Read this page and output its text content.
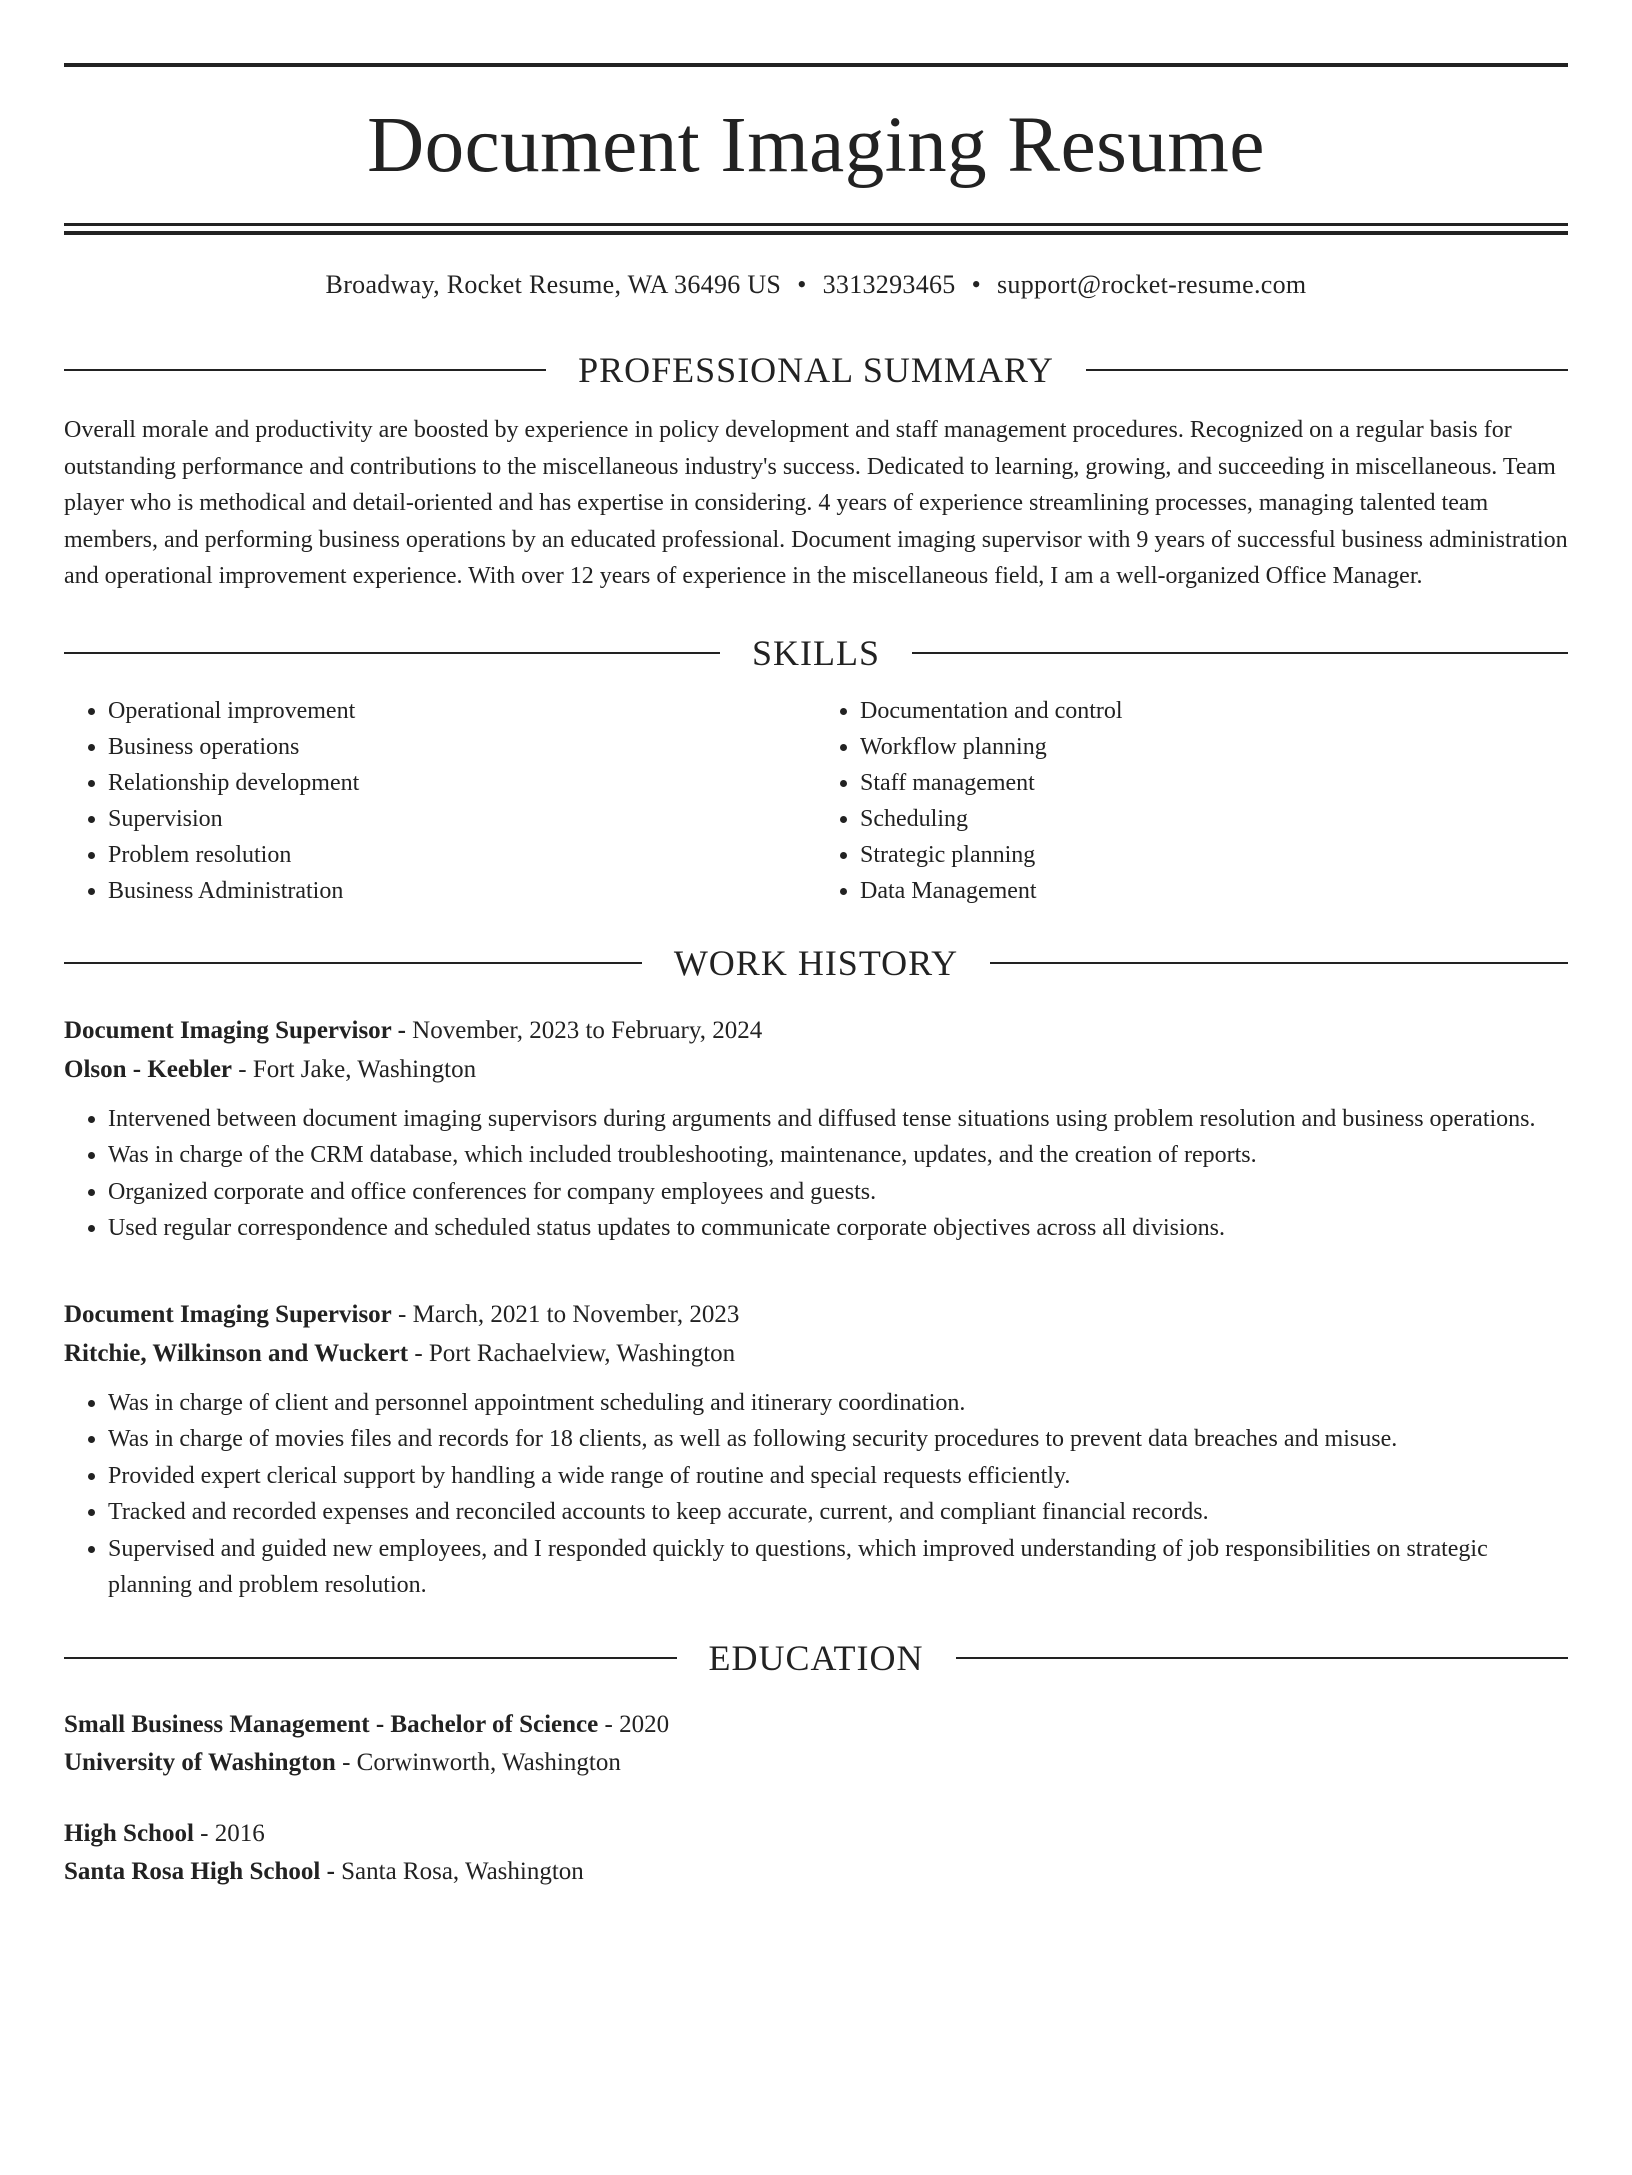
Document Imaging Resume
Broadway, Rocket Resume, WA 36496 US • 3313293465 • support@rocket-resume.com
PROFESSIONAL SUMMARY
Overall morale and productivity are boosted by experience in policy development and staff management procedures. Recognized on a regular basis for outstanding performance and contributions to the miscellaneous industry's success. Dedicated to learning, growing, and succeeding in miscellaneous. Team player who is methodical and detail-oriented and has expertise in considering. 4 years of experience streamlining processes, managing talented team members, and performing business operations by an educated professional. Document imaging supervisor with 9 years of successful business administration and operational improvement experience. With over 12 years of experience in the miscellaneous field, I am a well-organized Office Manager.
SKILLS
• Operational improvement
• Business operations
• Relationship development
• Supervision
• Problem resolution
• Business Administration
• Documentation and control
• Workflow planning
• Staff management
• Scheduling
• Strategic planning
• Data Management
WORK HISTORY
Document Imaging Supervisor - November, 2023 to February, 2024
Olson - Keebler - Fort Jake, Washington
• Intervened between document imaging supervisors during arguments and diffused tense situations using problem resolution and business operations.
• Was in charge of the CRM database, which included troubleshooting, maintenance, updates, and the creation of reports.
• Organized corporate and office conferences for company employees and guests.
• Used regular correspondence and scheduled status updates to communicate corporate objectives across all divisions.
Document Imaging Supervisor - March, 2021 to November, 2023
Ritchie, Wilkinson and Wuckert - Port Rachaelview, Washington
• Was in charge of client and personnel appointment scheduling and itinerary coordination.
• Was in charge of movies files and records for 18 clients, as well as following security procedures to prevent data breaches and misuse.
• Provided expert clerical support by handling a wide range of routine and special requests efficiently.
• Tracked and recorded expenses and reconciled accounts to keep accurate, current, and compliant financial records.
• Supervised and guided new employees, and I responded quickly to questions, which improved understanding of job responsibilities on strategic planning and problem resolution.
EDUCATION
Small Business Management - Bachelor of Science - 2020
University of Washington - Corwinworth, Washington
High School - 2016
Santa Rosa High School - Santa Rosa, Washington
